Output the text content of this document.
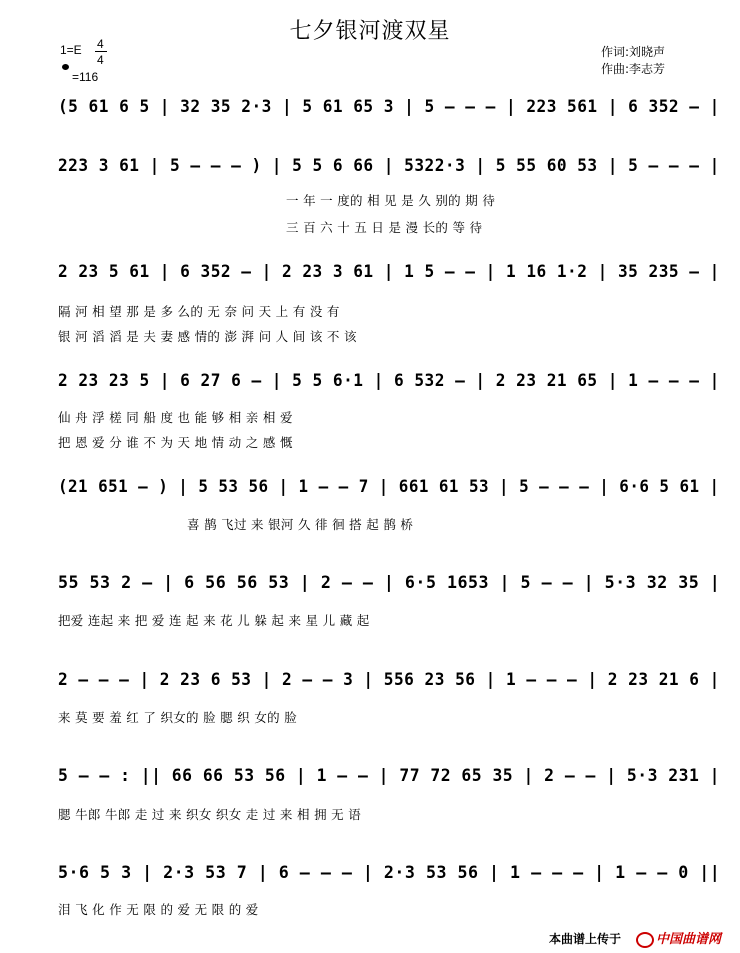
七夕银河渡双星
1=E 4
4
=116
作词:刘晓声
作曲:李志芳
(5 61 6 5 | 32 35 2·3 | 5 61 65 3 | 5 — — — | 223 561 | 6 352 — |
223 3 61 | 5 — — — ) | 5 5 6 66 | 5322·3 | 5 55 60 53 | 5 — — — |
一 年 一 度的 相 见 是 久 别的 期 待
三 百 六 十 五 日 是 漫 长的 等 待
2 23 5 61 | 6 352 — | 2 23 3 61 | 1 5 — — | 1 16 1·2 | 35 235 — |
隔 河 相 望 那 是 多 么的 无 奈 问 天 上 有 没 有
银 河 滔 滔 是 夫 妻 感 情的 澎 湃 问 人 间 该 不 该
2 23 23 5 | 6 27 6 — | 5 5 6·1 | 6 532 — | 2 23 21 65 | 1 — — — |
仙 舟 浮 槎 同 船 度 也 能 够 相 亲 相 爱
把 恩 爱 分 谁 不 为 天 地 情 动 之 感 慨
(21 651 — ) | 5 53 56 | 1 — — 7 | 661 61 53 | 5 — — — | 6·6 5 61 |
喜 鹊 飞过 来 银河 久 徘 徊 搭 起 鹊 桥
55 53 2 — | 6 56 56 53 | 2 — — | 6·5 1653 | 5 — — | 5·3 32 35 |
把爱 连起 来 把 爱 连 起 来 花 儿 躲 起 来 星 儿 藏 起
2 — — — | 2 23 6 53 | 2 — — 3 | 556 23 56 | 1 — — — | 2 23 21 6 |
来 莫 要 羞 红 了 织女的 脸 腮 织 女的 脸
5 — — : || 66 66 53 56 | 1 — — | 77 72 65 35 | 2 — — | 5·3 231 |
腮 牛郎 牛郎 走 过 来 织女 织女 走 过 来 相 拥 无 语
5·6 5 3 | 2·3 53 7 | 6 — — — | 2·3 53 56 | 1 — — — | 1 — — 0 ||
泪 飞 化 作 无 限 的 爱 无 限 的 爱
本曲谱上传于	中国曲谱网
